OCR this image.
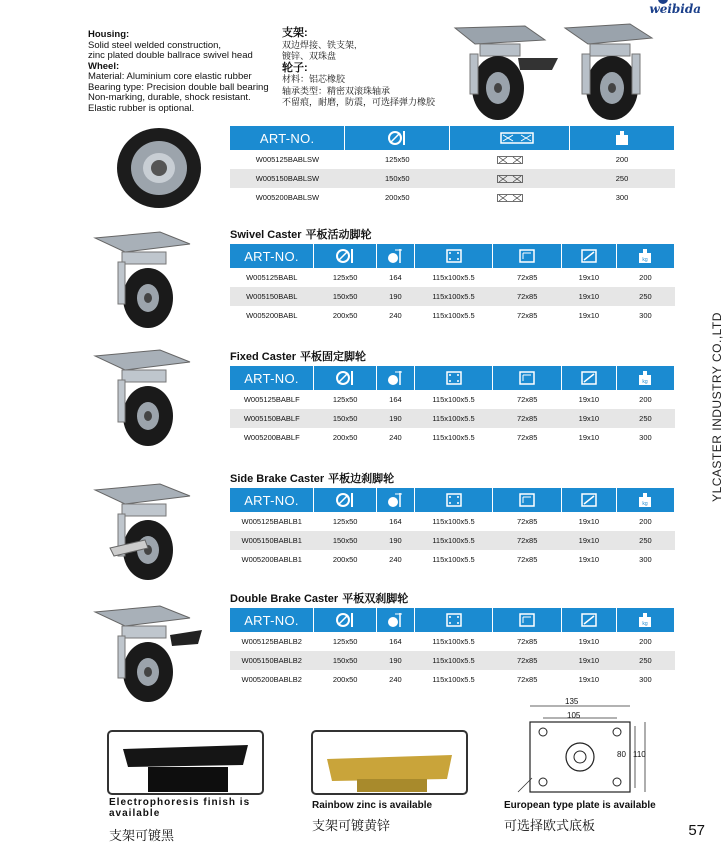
weibida
Housing:
Solid steel welded construction,
zinc plated double ballrace swivel head
Wheel:
Material: Aluminium core elastic rubber
Bearing type: Precision double ball bearing
Non-marking, durable, shock resistant.
Elastic rubber is optional.
支架:
双边焊接、铁支架,
镀锌、双珠盘
轮子:
材料：铝芯橡胶
轴承类型：精密双滚珠轴承
不留痕，耐磨，防震，可选择弹力橡胶
ART-NO.			
W005125BABLSW	125x50		200
W005150BABLSW	150x50		250
W005200BABLSW	200x50		300
Swivel Caster 平板活动脚轮
ART-NO.						kg

W005125BABL	125x50	164	115x100x5.5	72x85	19x10	200
W005150BABL	150x50	190	115x100x5.5	72x85	19x10	250
W005200BABL	200x50	240	115x100x5.5	72x85	19x10	300
Fixed Caster 平板固定脚轮
ART-NO.						kg

W005125BABLF	125x50	164	115x100x5.5	72x85	19x10	200
W005150BABLF	150x50	190	115x100x5.5	72x85	19x10	250
W005200BABLF	200x50	240	115x100x5.5	72x85	19x10	300
Side Brake Caster 平板边刹脚轮
ART-NO.						kg

W005125BABLB1	125x50	164	115x100x5.5	72x85	19x10	200
W005150BABLB1	150x50	190	115x100x5.5	72x85	19x10	250
W005200BABLB1	200x50	240	115x100x5.5	72x85	19x10	300
Double Brake Caster 平板双刹脚轮
ART-NO.						kg

W005125BABLB2	125x50	164	115x100x5.5	72x85	19x10	200
W005150BABLB2	150x50	190	115x100x5.5	72x85	19x10	250
W005200BABLB2	200x50	240	115x100x5.5	72x85	19x10	300
YLCASTER INDUSTRY CO.,LTD
135
105
80 110
Electrophoresis finish is available
支架可镀黑
Rainbow zinc is available
支架可镀黄锌
European type plate is available
可选择欧式底板	57
